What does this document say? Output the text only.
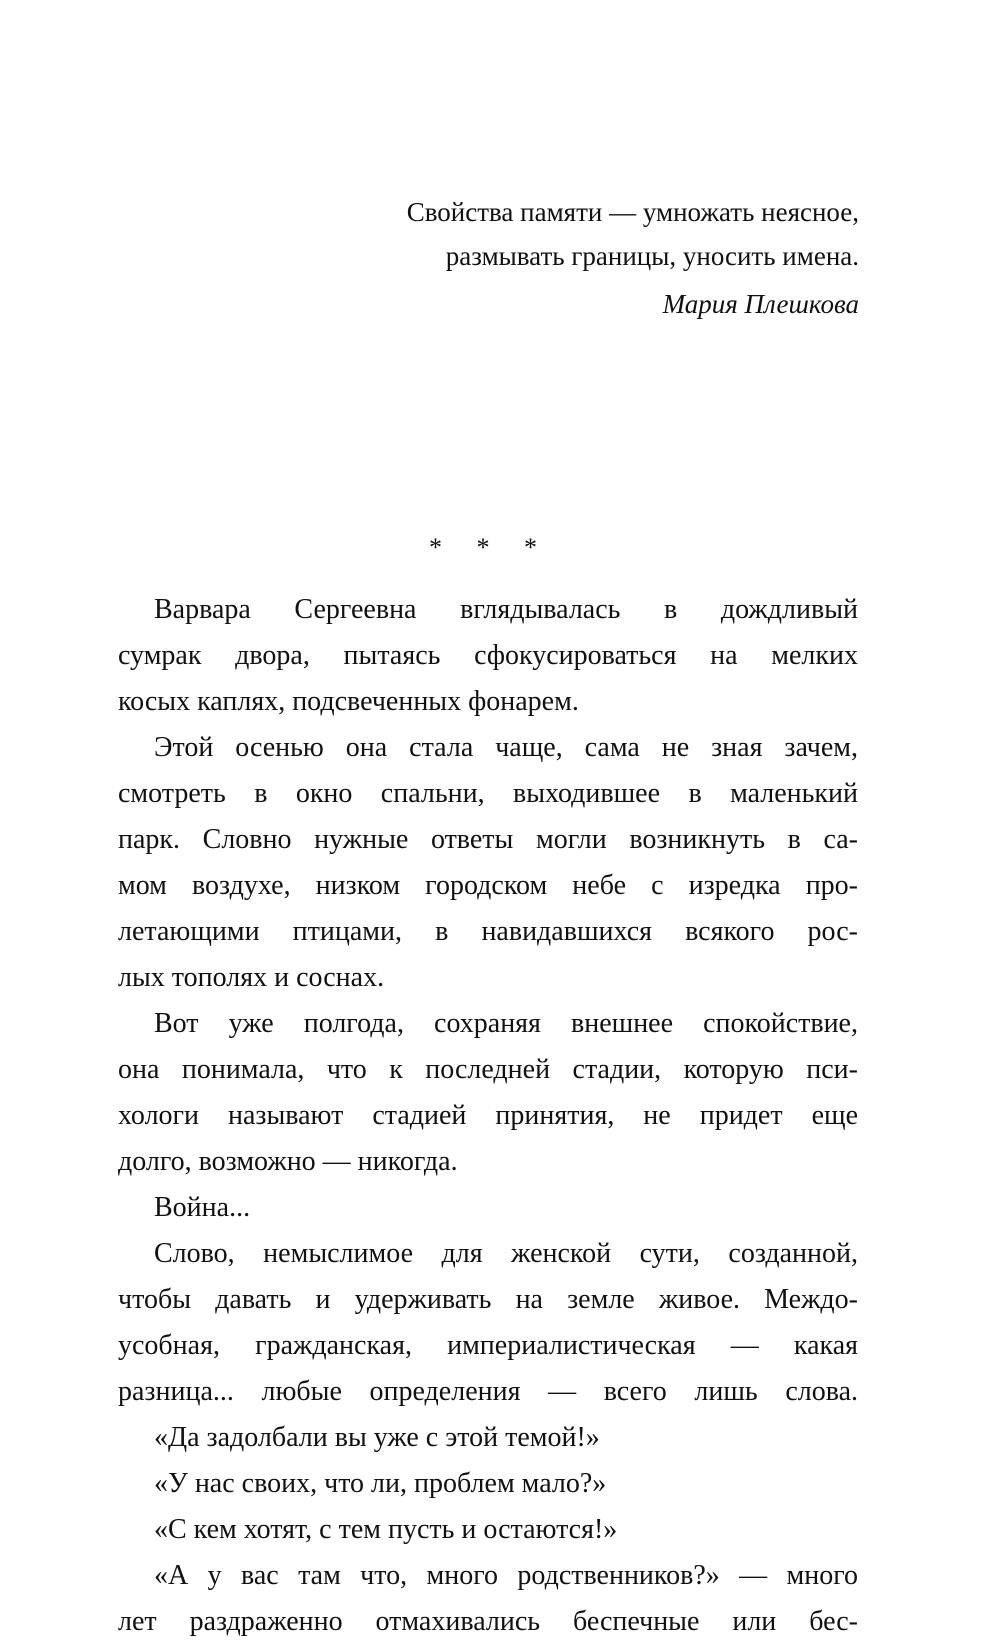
Свойства памяти — умножать неясное,
размывать границы, уносить имена.
Мария Плешкова
* * *
Варвара Сергеевна вглядывалась в дождливый
сумрак двора, пытаясь сфокусироваться на мелких
косых каплях, подсвеченных фонарем.
Этой осенью она стала чаще, сама не зная зачем,
смотреть в окно спальни, выходившее в маленький
парк. Словно нужные ответы могли возникнуть в са-
мом воздухе, низком городском небе с изредка про-
летающими птицами, в навидавшихся всякого рос-
лых тополях и соснах.
Вот уже полгода, сохраняя внешнее спокойствие,
она понимала, что к последней стадии, которую пси-
хологи называют стадией принятия, не придет еще
долго, возможно — никогда.
Война...
Слово, немыслимое для женской сути, созданной,
чтобы давать и удерживать на земле живое. Междо-
усобная, гражданская, империалистическая — какая
разница... любые определения — всего лишь слова.
«Да задолбали вы уже с этой темой!»
«У нас своих, что ли, проблем мало?»
«С кем хотят, с тем пусть и остаются!»
«А у вас там что, много родственников?» — много
лет раздраженно отмахивались беспечные или бес-
